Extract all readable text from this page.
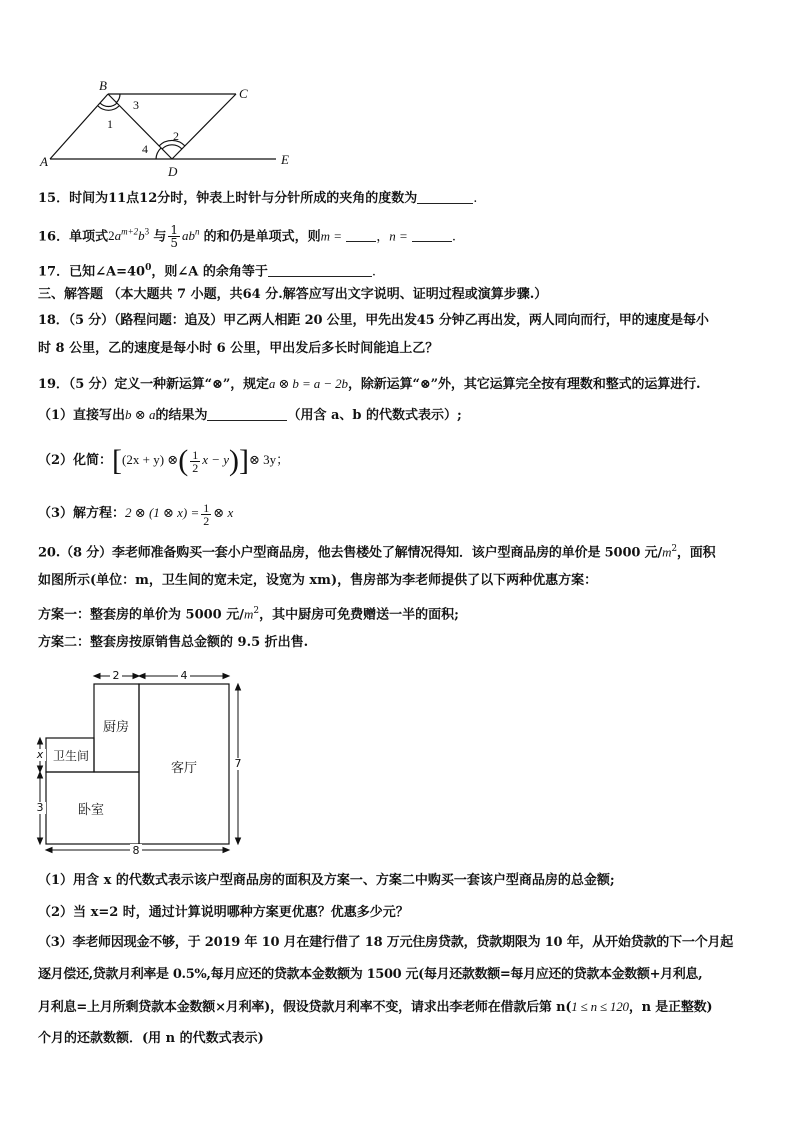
B
C
A
D
E
3
1
2
4
15．时间为11点12分时，钟表上时针与分针所成的夹角的度数为	.
16．单项式$2a^{m+2}b^3$ 与 $\frac{1}{5} ab^n$ 的和仍是单项式，则m =	，n =	.
17．已知$\angle A=40^0$，则∠A 的余角等于	.
三、解答题 （本大题共 7 小题，共64 分.解答应写出文字说明、证明过程或演算步骤.）
18．（5 分）（路程问题：追及）甲乙两人相距 20 公里，甲先出发45 分钟乙再出发，两人同向而行，甲的速度是每小
时 8 公里，乙的速度是每小时 6 公里，甲出发后多长时间能追上乙？
19．（5 分）定义一种新运算“⊗”，规定a ⊗ b = a − 2b，除新运算“⊗”外，其它运算完全按有理数和整式的运算进行.
（1）直接写出b ⊗ a的结果为	（用含 a、b 的代数式表示）;
（2）化简：[(2x + y) ⊗( $\frac{1}{2}$ x − y)]⊗ 3y；
（3）解方程：2 ⊗ (1 ⊗ $x) = \frac{1}{2}$ ⊗ x
20.（8 分）李老师准备购买一套小户型商品房，他去售楼处了解情况得知．该户型商品房的单价是 5000 元$/m^2$，面积
如图所示(单位：m，卫生间的宽未定，设宽为 xm)，售房部为李老师提供了以下两种优惠方案：
方案一：整套房的单价为 5000 元$/m^2$，其中厨房可免费赠送一半的面积;
方案二：整套房按原销售总金额的 9.5 折出售.
厨房
卫生间
客厅
卧室
2	4
7
8
x
3
（1）用含 x 的代数式表示该户型商品房的面积及方案一、方案二中购买一套该户型商品房的总金额;
（2）当 x=2 时，通过计算说明哪种方案更优惠？优惠多少元？
（3）李老师因现金不够，于 2019 年 10 月在建行借了 18 万元住房贷款，贷款期限为 10 年，从开始贷款的下一个月起
逐月偿还,贷款月利率是 0.5%,每月应还的贷款本金数额为 1500 元(每月还款数额=每月应还的贷款本金数额+月利息,
月利息=上月所剩贷款本金数额×月利率)，假设贷款月利率不变，请求出李老师在借款后第 n(1 ≤ n ≤ 120，n 是正整数)
个月的还款数额．(用 n 的代数式表示)
